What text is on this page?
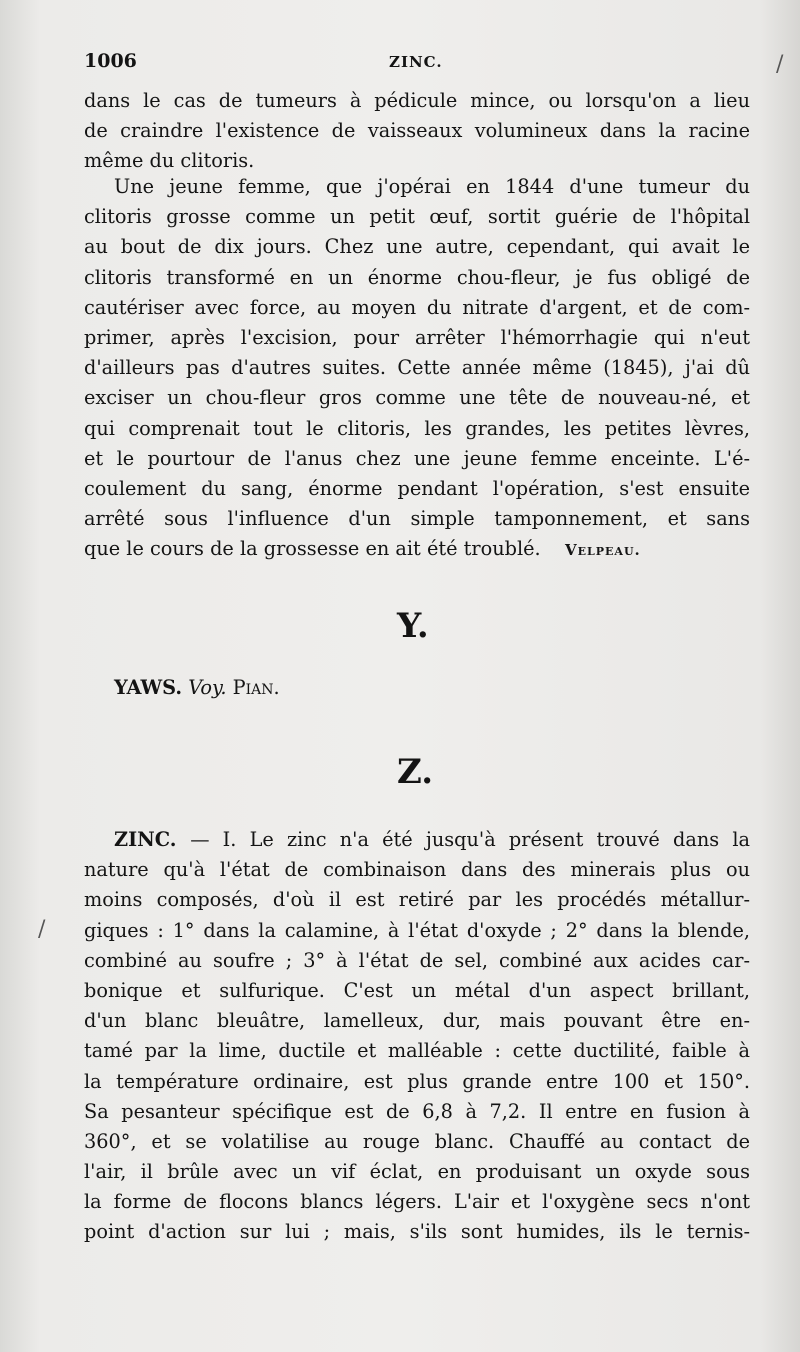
1006	ZINC.
dans le cas de tumeurs à pédicule mince, ou lorsqu'on a lieu
de craindre l'existence de vaisseaux volumineux dans la racine
même du clitoris.
Une jeune femme, que j'opérai en 1844 d'une tumeur du
clitoris grosse comme un petit œuf, sortit guérie de l'hôpital
au bout de dix jours. Chez une autre, cependant, qui avait le
clitoris transformé en un énorme chou-fleur, je fus obligé de
cautériser avec force, au moyen du nitrate d'argent, et de com-
primer, après l'excision, pour arrêter l'hémorrhagie qui n'eut
d'ailleurs pas d'autres suites. Cette année même (1845), j'ai dû
exciser un chou-fleur gros comme une tête de nouveau-né, et
qui comprenait tout le clitoris, les grandes, les petites lèvres,
et le pourtour de l'anus chez une jeune femme enceinte. L'é-
coulement du sang, énorme pendant l'opération, s'est ensuite
arrêté sous l'influence d'un simple tamponnement, et sans
que le cours de la grossesse en ait été troublé.	Velpeau.
Y.
YAWS. Voy. Pian.
Z.
ZINC. — I. Le zinc n'a été jusqu'à présent trouvé dans la
nature qu'à l'état de combinaison dans des minerais plus ou
moins composés, d'où il est retiré par les procédés métallur-
giques : 1° dans la calamine, à l'état d'oxyde ; 2° dans la blende,
combiné au soufre ; 3° à l'état de sel, combiné aux acides car-
bonique et sulfurique. C'est un métal d'un aspect brillant,
d'un blanc bleuâtre, lamelleux, dur, mais pouvant être en-
tamé par la lime, ductile et malléable : cette ductilité, faible à
la température ordinaire, est plus grande entre 100 et 150°.
Sa pesanteur spécifique est de 6,8 à 7,2. Il entre en fusion à
360°, et se volatilise au rouge blanc. Chauffé au contact de
l'air, il brûle avec un vif éclat, en produisant un oxyde sous
la forme de flocons blancs légers. L'air et l'oxygène secs n'ont
point d'action sur lui ; mais, s'ils sont humides, ils le ternis-
/
/
